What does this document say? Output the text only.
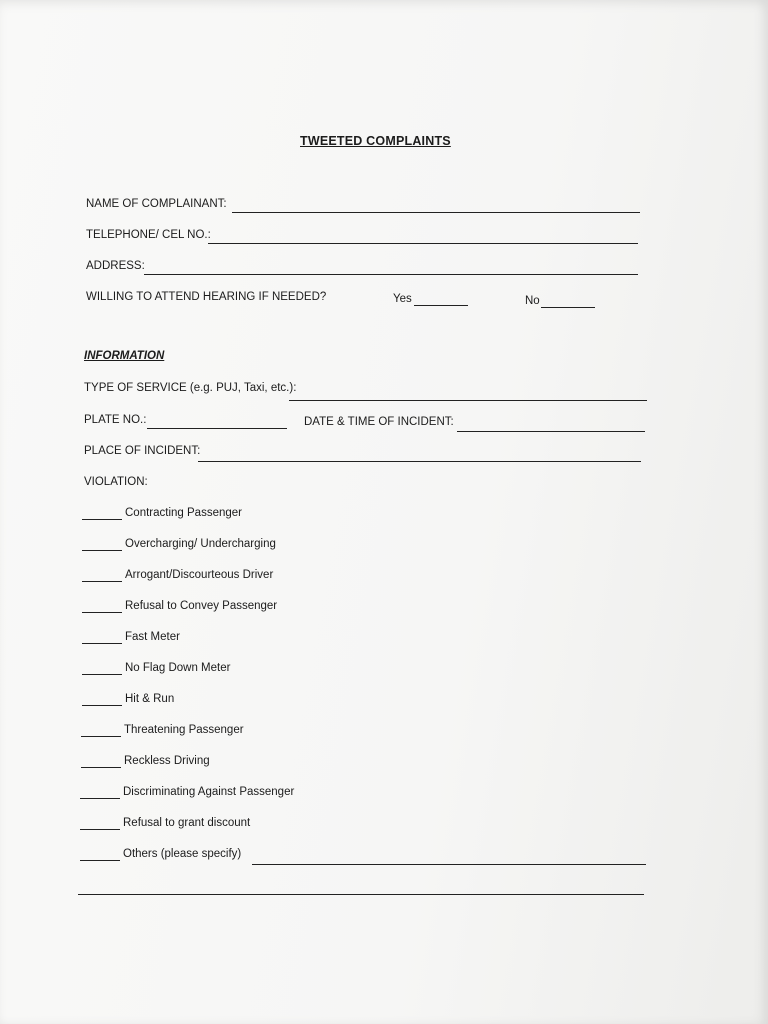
TWEETED COMPLAINTS
NAME OF COMPLAINANT:
TELEPHONE/ CEL NO.:
ADDRESS:
WILLING TO ATTEND HEARING IF NEEDED?	Yes	No
INFORMATION
TYPE OF SERVICE (e.g. PUJ, Taxi, etc.):
PLATE NO.:	DATE & TIME OF INCIDENT:
PLACE OF INCIDENT:
VIOLATION:
Contracting Passenger
Overcharging/ Undercharging
Arrogant/Discourteous Driver
Refusal to Convey Passenger
Fast Meter
No Flag Down Meter
Hit & Run
Threatening Passenger
Reckless Driving
Discriminating Against Passenger
Refusal to grant discount
Others (please specify)
